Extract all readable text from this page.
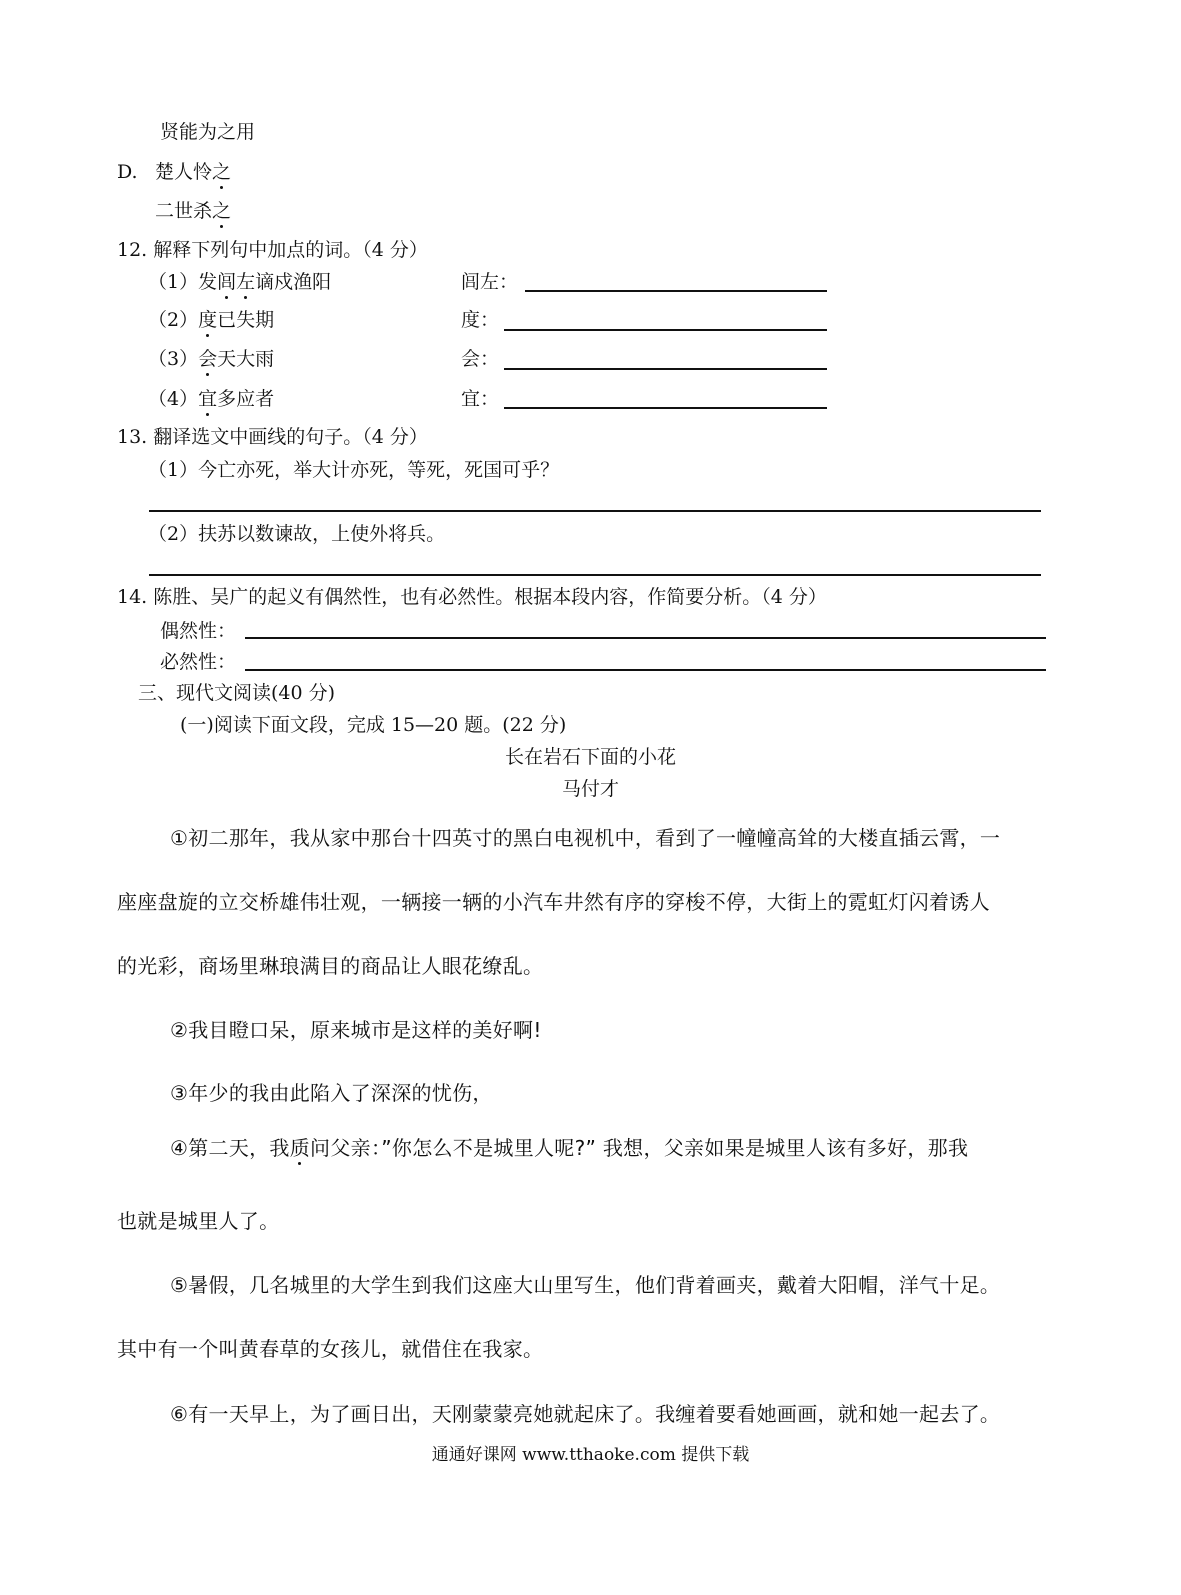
贤能为之用
D. 楚人怜之
二世杀之
12. 解释下列句中加点的词。（4 分）
（1）发闾左谪戍渔阳	闾左：
（2）度已失期	度：
（3）会天大雨	会：
（4）宜多应者	宜：
13. 翻译选文中画线的句子。（4 分）
（1）今亡亦死，举大计亦死，等死，死国可乎？
（2）扶苏以数谏故，上使外将兵。
14. 陈胜、吴广的起义有偶然性，也有必然性。根据本段内容，作简要分析。（4 分）
偶然性：
必然性：
三、现代文阅读(40 分)
(一)阅读下面文段，完成 15—20 题。(22 分)
长在岩石下面的小花
马付才
①初二那年，我从家中那台十四英寸的黑白电视机中，看到了一幢幢高耸的大楼直插云霄，一
座座盘旋的立交桥雄伟壮观，一辆接一辆的小汽车井然有序的穿梭不停，大街上的霓虹灯闪着诱人
的光彩，商场里琳琅满目的商品让人眼花缭乱。
②我目瞪口呆，原来城市是这样的美好啊!
③年少的我由此陷入了深深的忧伤，
④第二天，我质问父亲：”你怎么不是城里人呢?” 我想，父亲如果是城里人该有多好，那我
也就是城里人了。
⑤暑假，几名城里的大学生到我们这座大山里写生，他们背着画夹，戴着大阳帽，洋气十足。
其中有一个叫黄春草的女孩儿，就借住在我家。
⑥有一天早上，为了画日出，天刚蒙蒙亮她就起床了。我缠着要看她画画，就和她一起去了。
通通好课网 www.tthaoke.com 提供下载
